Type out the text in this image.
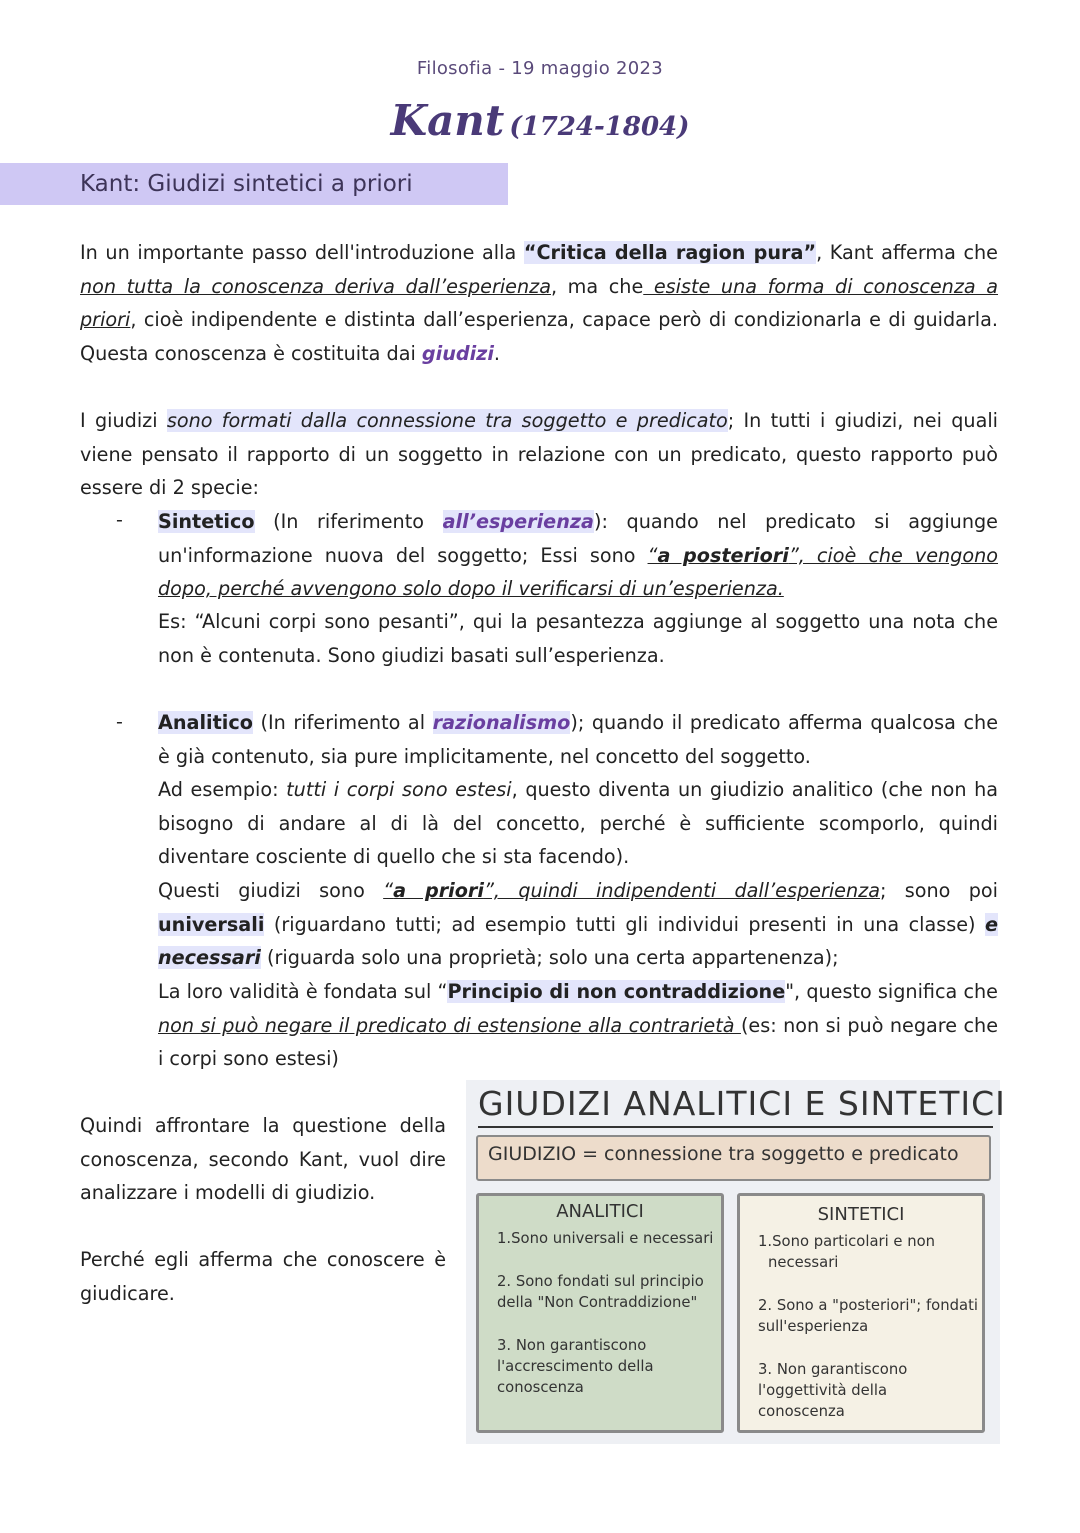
Filosofia - 19 maggio 2023
Kant (1724-1804)
Kant: Giudizi sintetici a priori
In un importante passo dell'introduzione alla “Critica della ragion pura”, Kant afferma che non tutta la conoscenza deriva dall’esperienza, ma che esiste una forma di conoscenza a priori, cioè indipendente e distinta dall’esperienza, capace però di condizionarla e di guidarla. Questa conoscenza è costituita dai giudizi.
I giudizi sono formati dalla connessione tra soggetto e predicato; In tutti i giudizi, nei quali viene pensato il rapporto di un soggetto in relazione con un predicato, questo rapporto può essere di 2 specie:
- Sintetico (In riferimento all’esperienza): quando nel predicato si aggiunge un'informazione nuova del soggetto; Essi sono “a posteriori”, cioè che vengono dopo, perché avvengono solo dopo il verificarsi di un’esperienza.
Es: “Alcuni corpi sono pesanti”, qui la pesantezza aggiunge al soggetto una nota che non è contenuta. Sono giudizi basati sull’esperienza.
- Analitico (In riferimento al razionalismo); quando il predicato afferma qualcosa che è già contenuto, sia pure implicitamente, nel concetto del soggetto.
Ad esempio: tutti i corpi sono estesi, questo diventa un giudizio analitico (che non ha bisogno di andare al di là del concetto, perché è sufficiente scomporlo, quindi diventare cosciente di quello che si sta facendo).
Questi giudizi sono “a priori”, quindi indipendenti dall’esperienza; sono poi universali (riguardano tutti; ad esempio tutti gli individui presenti in una classe) e necessari (riguarda solo una proprietà; solo una certa appartenenza);
La loro validità è fondata sul “Principio di non contraddizione", questo significa che non si può negare il predicato di estensione alla contrarietà (es: non si può negare che i corpi sono estesi)
Quindi affrontare la questione della conoscenza, secondo Kant, vuol dire analizzare i modelli di giudizio.
Perché egli afferma che conoscere è giudicare.
GIUDIZI ANALITICI E SINTETICI
GIUDIZIO = connessione tra soggetto e predicato
ANALITICI
1.Sono universali e necessari
2. Sono fondati sul principio della "Non Contraddizione"
3. Non garantiscono l'accrescimento della conoscenza
SINTETICI
1.Sono particolari e non
necessari
2. Sono a "posteriori"; fondati sull'esperienza
3. Non garantiscono l'oggettività della conoscenza
